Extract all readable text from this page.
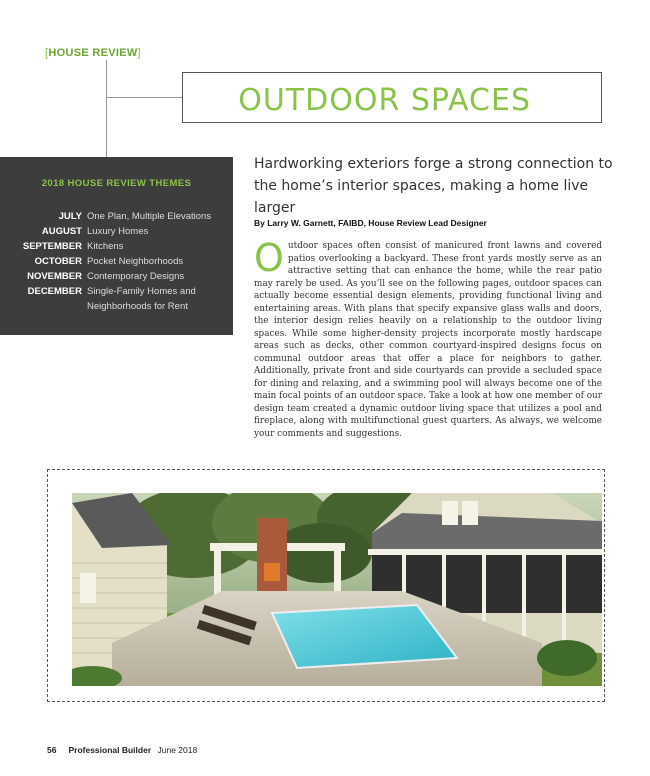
[HOUSE REVIEW]
OUTDOOR SPACES
2018 HOUSE REVIEW THEMES
JULY One Plan, Multiple Elevations
AUGUST Luxury Homes
SEPTEMBER Kitchens
OCTOBER Pocket Neighborhoods
NOVEMBER Contemporary Designs
DECEMBER Single-Family Homes and Neighborhoods for Rent
Hardworking exteriors forge a strong connection to the home’s interior spaces, making a home live larger
By Larry W. Garnett, FAIBD, House Review Lead Designer
Outdoor spaces often consist of manicured front lawns and covered patios overlooking a backyard. These front yards mostly serve as an attractive setting that can enhance the home, while the rear patio may rarely be used. As you’ll see on the following pages, outdoor spaces can actually become essential design elements, providing functional living and entertaining areas. With plans that specify expansive glass walls and doors, the interior design relies heavily on a relationship to the outdoor living spaces. While some higher-density projects incorporate mostly hardscape areas such as decks, other common courtyard-inspired designs focus on communal outdoor areas that offer a place for neighbors to gather. Additionally, private front and side courtyards can provide a secluded space for dining and relaxing, and a swimming pool will always become one of the main focal points of an outdoor space. Take a look at how one member of our design team created a dynamic outdoor living space that utilizes a pool and fireplace, along with multifunctional guest quarters. As always, we welcome your comments and suggestions.
56 Professional Builder June 2018
